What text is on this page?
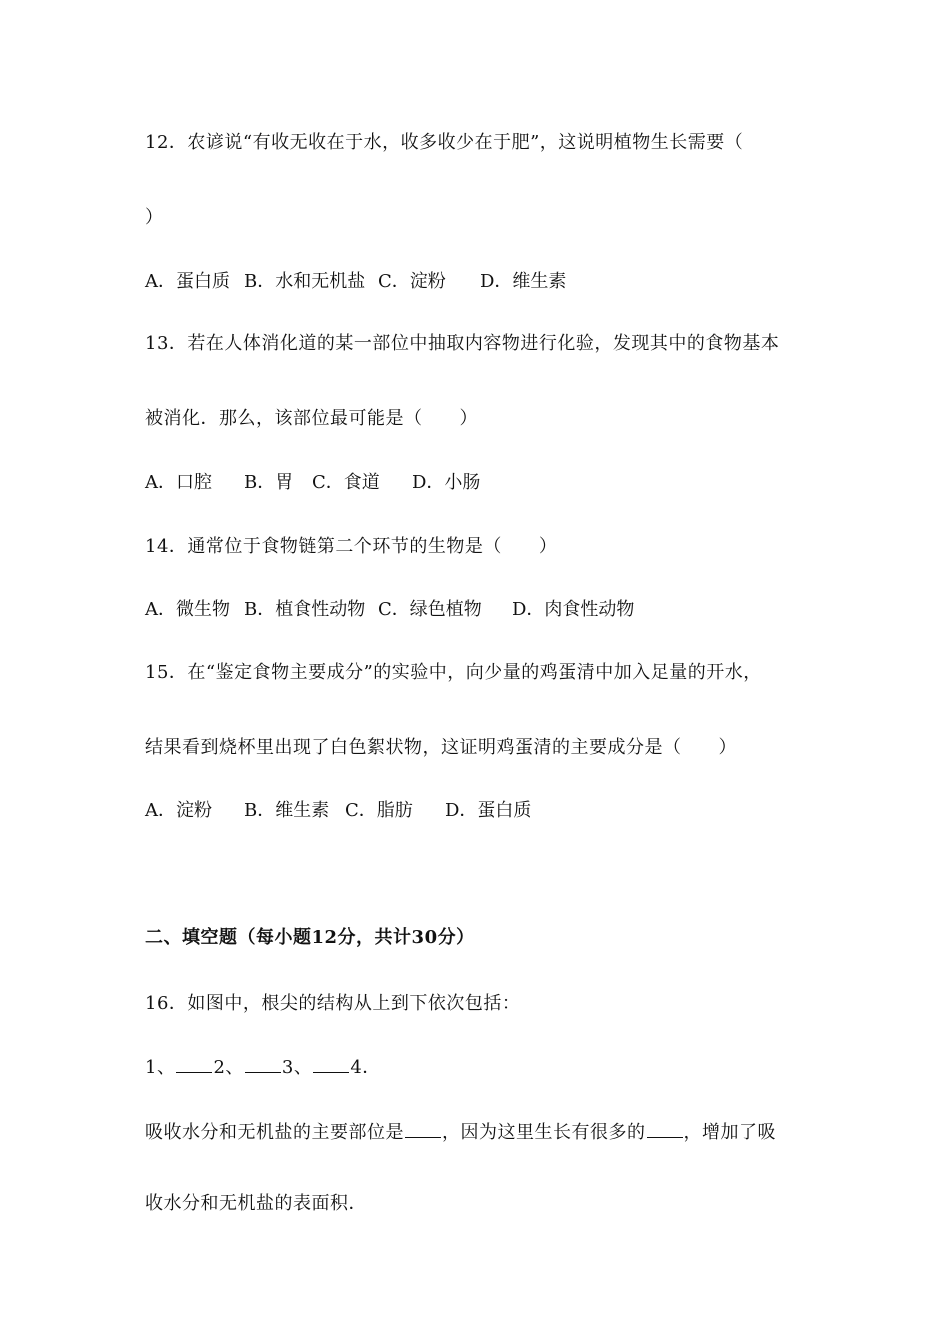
12．农谚说“有收无收在于水，收多收少在于肥”，这说明植物生长需要（
）
A．蛋白质 B．水和无机盐 C．淀粉 D．维生素
13．若在人体消化道的某一部位中抽取内容物进行化验，发现其中的食物基本
被消化．那么，该部位最可能是（　　）
A．口腔 B．胃 C．食道 D．小肠
14．通常位于食物链第二个环节的生物是（　　）
A．微生物 B．植食性动物 C．绿色植物 D．肉食性动物
15．在“鉴定食物主要成分”的实验中，向少量的鸡蛋清中加入足量的开水，
结果看到烧杯里出现了白色絮状物，这证明鸡蛋清的主要成分是（　　）
A．淀粉 B．维生素 C．脂肪 D．蛋白质
二、填空题（每小题12分，共计30分）
16．如图中，根尖的结构从上到下依次包括：
1、 2、 3、 4．
吸收水分和无机盐的主要部位是 ，因为这里生长有很多的 ，增加了吸
收水分和无机盐的表面积．
